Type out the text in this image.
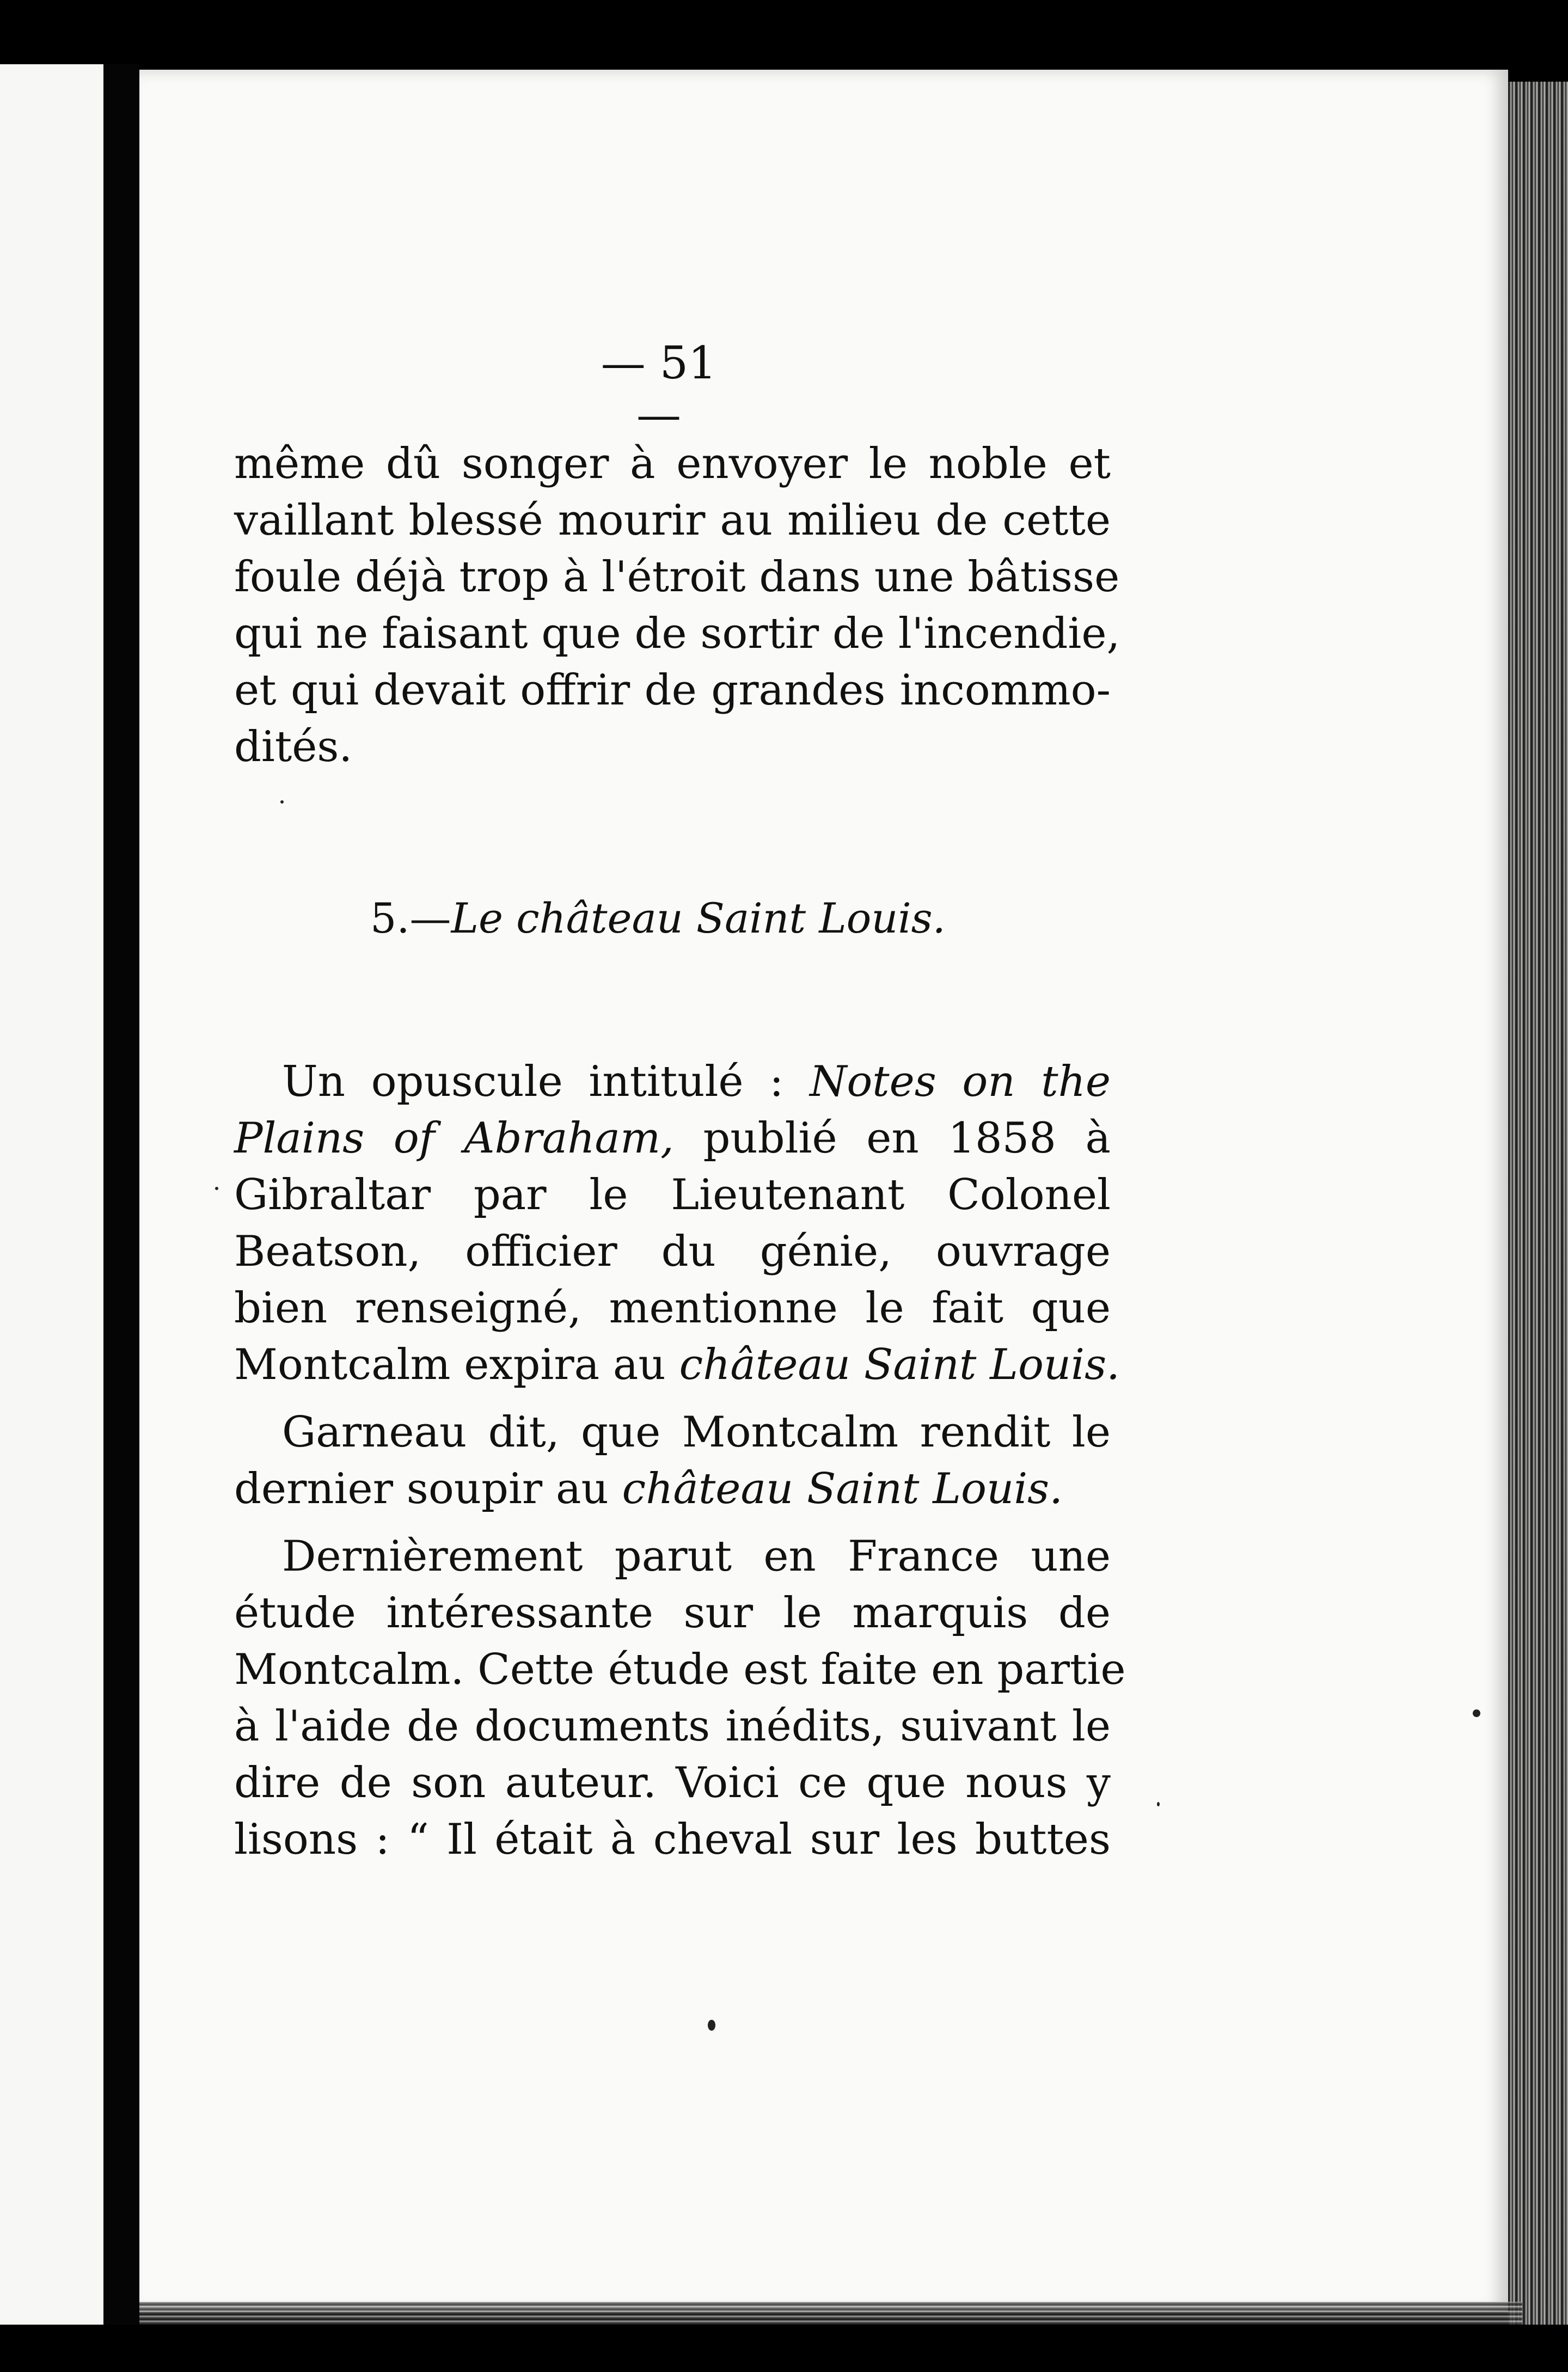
— 51 —
même dû songer à envoyer le noble et
vaillant blessé mourir au milieu de cette
foule déjà trop à l'étroit dans une bâtisse
qui ne faisant que de sortir de l'incendie,
et qui devait offrir de grandes incommo-
dités.
5.—Le château Saint Louis.
Un opuscule intitulé : Notes on the
Plains of Abraham, publié en 1858 à
Gibraltar par le Lieutenant Colonel
Beatson, officier du génie, ouvrage
bien renseigné, mentionne le fait que
Montcalm expira au château Saint Louis.
Garneau dit, que Montcalm rendit le
dernier soupir au château Saint Louis.
Dernièrement parut en France une
étude intéressante sur le marquis de
Montcalm. Cette étude est faite en partie
à l'aide de documents inédits, suivant le
dire de son auteur. Voici ce que nous y
lisons : “ Il était à cheval sur les buttes
